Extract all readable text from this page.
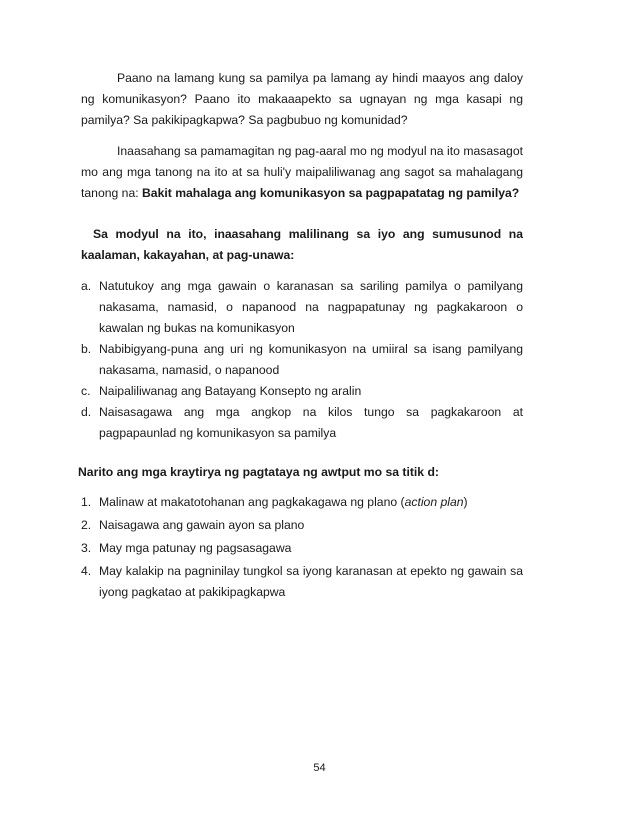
Paano na lamang kung sa pamilya pa lamang ay hindi maayos ang daloy ng komunikasyon? Paano ito makaaapekto sa ugnayan ng mga kasapi ng pamilya? Sa pakikipagkapwa? Sa pagbubuo ng komunidad?

Inaasahang sa pamamagitan ng pag-aaral mo ng modyul na ito masasagot mo ang mga tanong na ito at sa huli'y maipaliliwanag ang sagot sa mahalagang tanong na: Bakit mahalaga ang komunikasyon sa pagpapatatag ng pamilya?

Sa modyul na ito, inaasahang malilinang sa iyo ang sumusunod na kaalaman, kakayahan, at pag-unawa:

a. Natutukoy ang mga gawain o karanasan sa sariling pamilya o pamilyang nakasama, namasid, o napanood na nagpapatunay ng pagkakaroon o kawalan ng bukas na komunikasyon
b. Nabibigyang-puna ang uri ng komunikasyon na umiiral sa isang pamilyang nakasama, namasid, o napanood
c. Naipaliliwanag ang Batayang Konsepto ng aralin
d. Naisasagawa ang mga angkop na kilos tungo sa pagkakaroon at pagpapaunlad ng komunikasyon sa pamilya

Narito ang mga kraytirya ng pagtataya ng awtput mo sa titik d:

1. Malinaw at makatotohanan ang pagkakagawa ng plano (action plan)
2. Naisagawa ang gawain ayon sa plano
3. May mga patunay ng pagsasagawa
4. May kalakip na pagninilay tungkol sa iyong karanasan at epekto ng gawain sa iyong pagkatao at pakikipagkapwa
54
